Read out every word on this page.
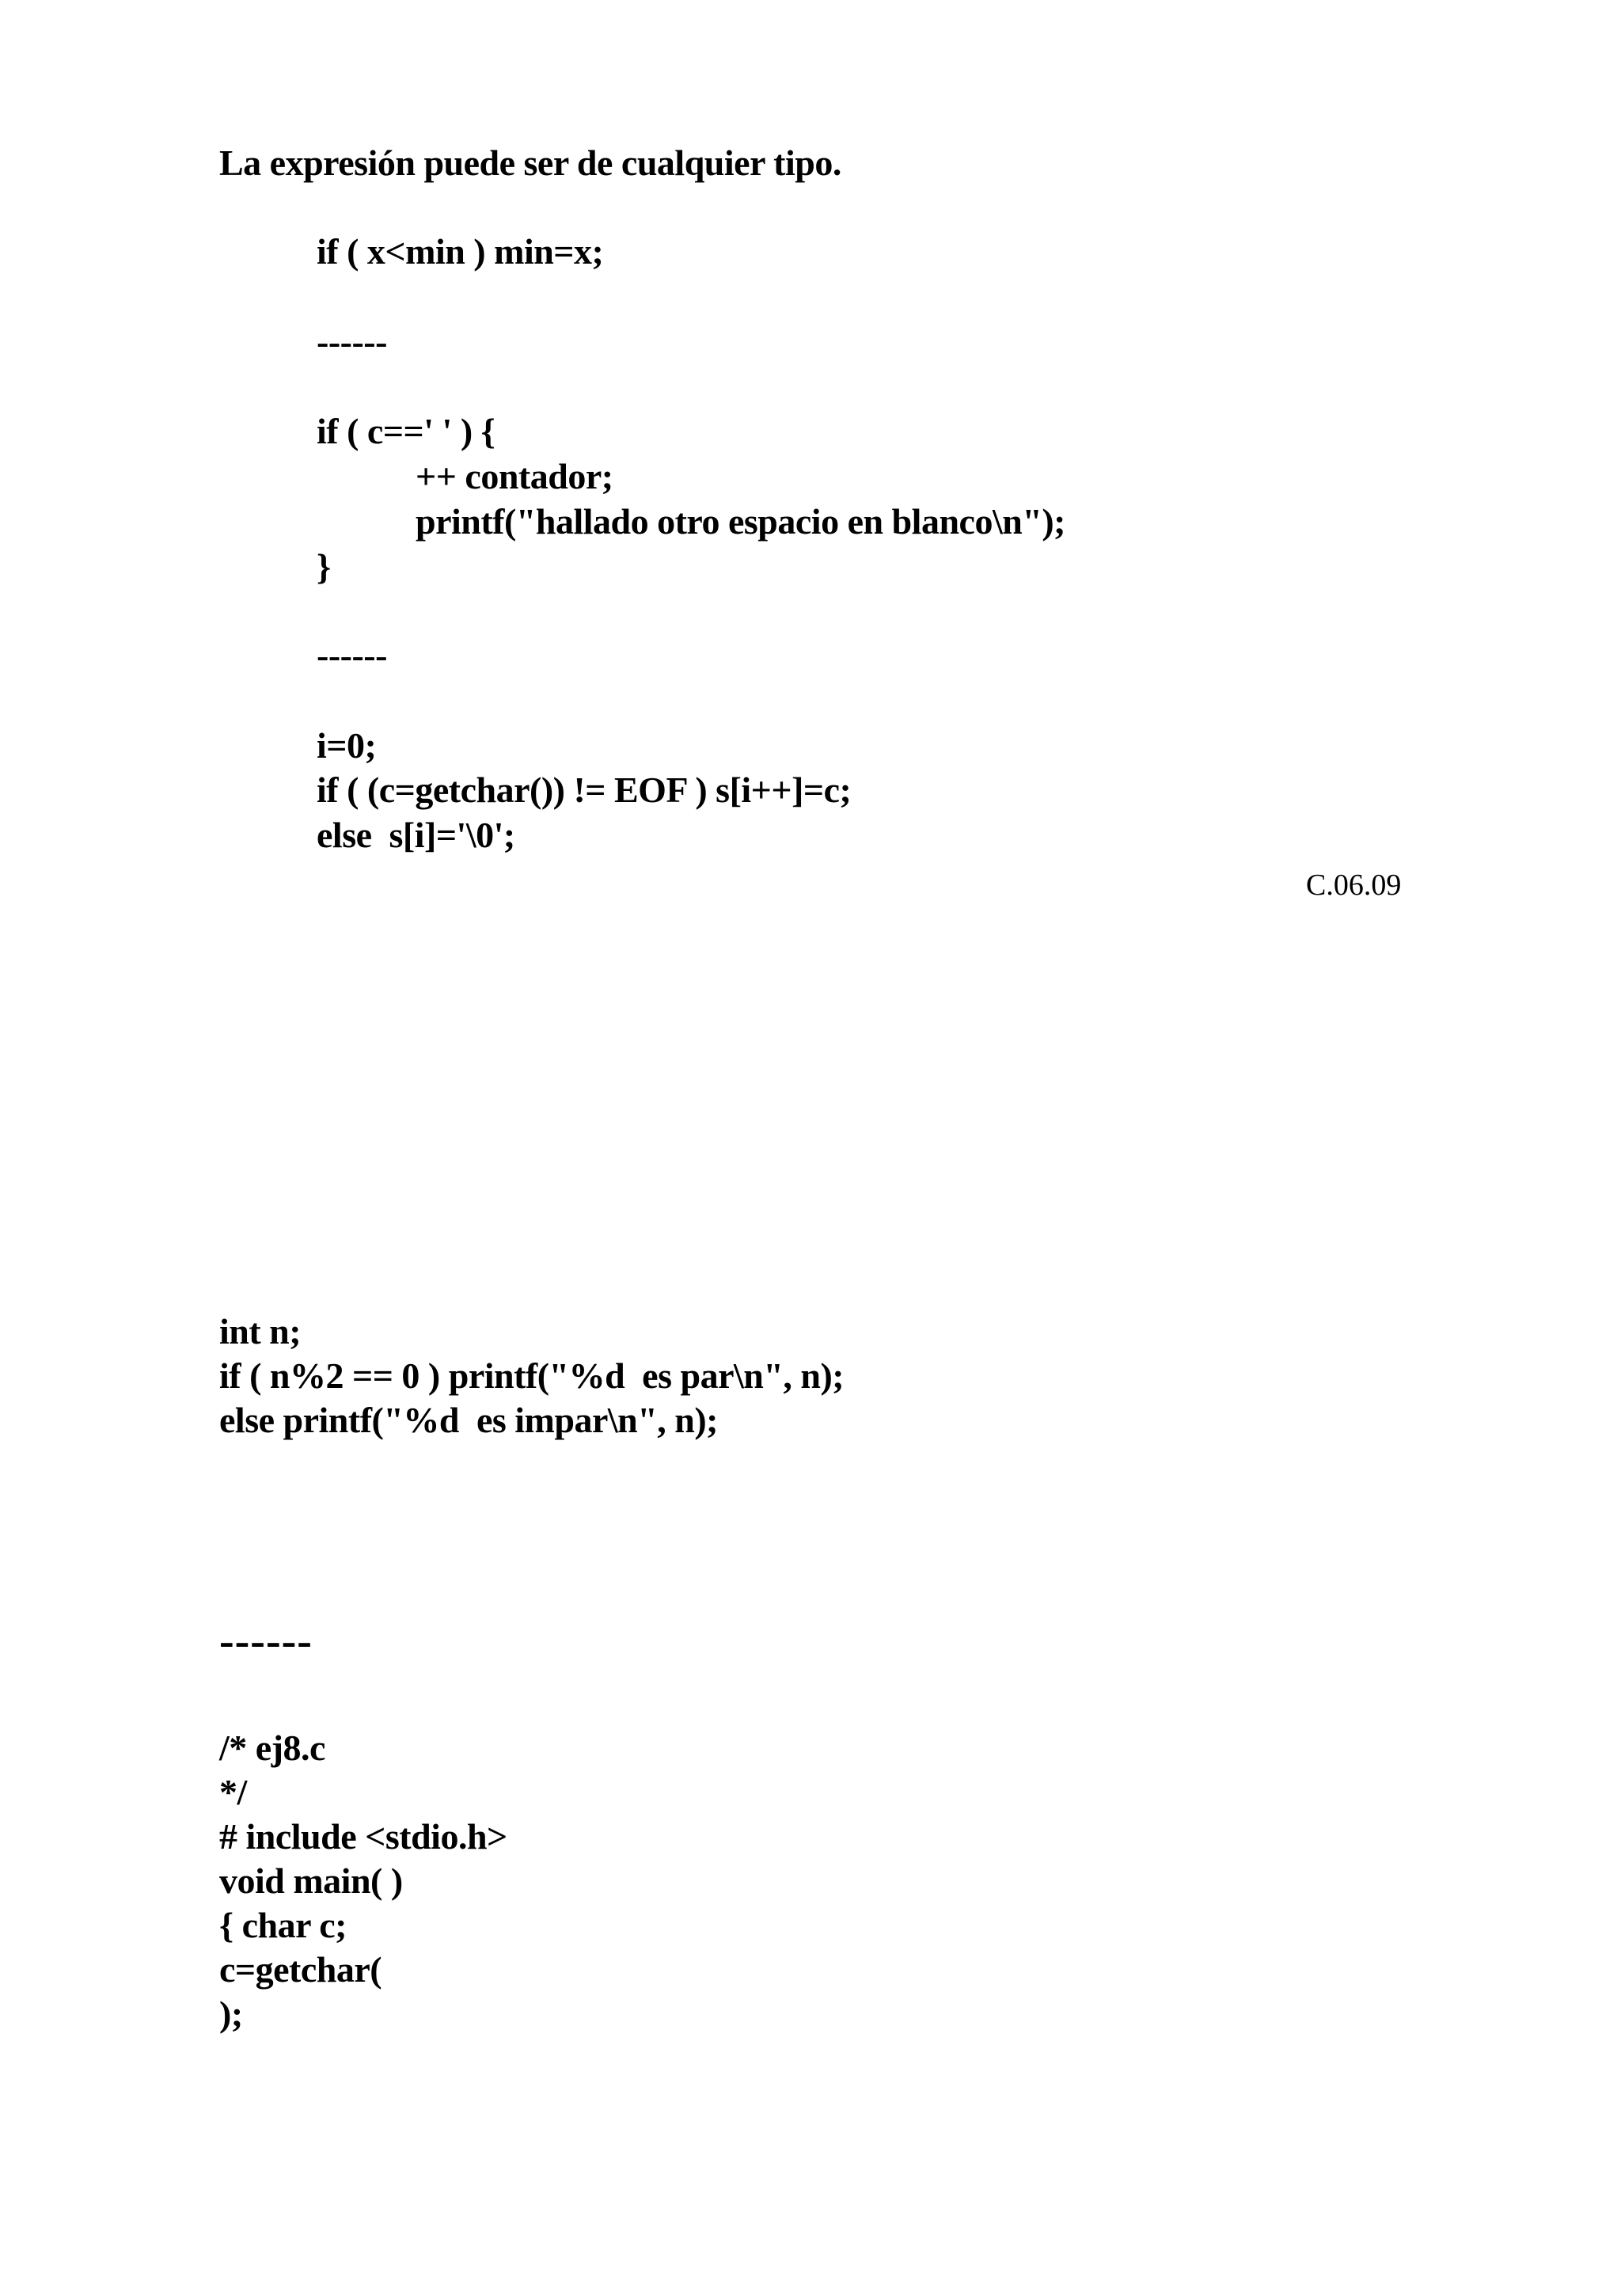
La expresión puede ser de cualquier tipo.
if ( x<min ) min=x;
------
if ( c==' ' ) {
++ contador;
printf("hallado otro espacio en blanco\n");
}
------
i=0;
if ( (c=getchar()) != EOF ) s[i++]=c;
else  s[i]='\0';
C.06.09
int n;
if ( n%2 == 0 ) printf("%d  es par\n", n);
else printf("%d  es impar\n", n);
------
/* ej8.c
*/
# include <stdio.h>
void main( )
{ char c;
c=getchar(
);
